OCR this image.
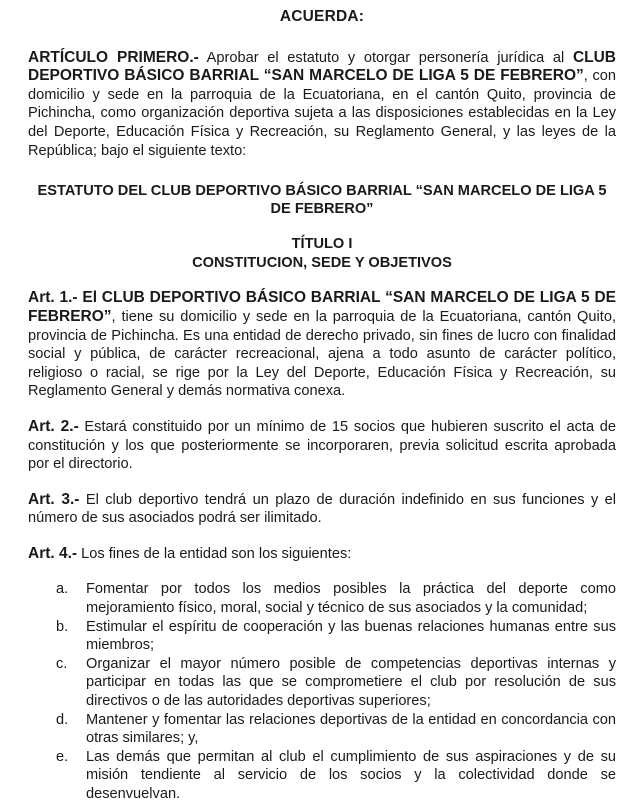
ACUERDA:

ARTÍCULO PRIMERO.- Aprobar el estatuto y otorgar personería jurídica al CLUB DEPORTIVO BÁSICO BARRIAL “SAN MARCELO DE LIGA 5 DE FEBRERO”, con domicilio y sede en la parroquia de la Ecuatoriana, en el cantón Quito, provincia de Pichincha, como organización deportiva sujeta a las disposiciones establecidas en la Ley del Deporte, Educación Física y Recreación, su Reglamento General, y las leyes de la República; bajo el siguiente texto:

ESTATUTO DEL CLUB DEPORTIVO BÁSICO BARRIAL “SAN MARCELO DE LIGA 5 DE FEBRERO”

TÍTULO I

CONSTITUCION, SEDE Y OBJETIVOS

Art. 1.- El CLUB DEPORTIVO BÁSICO BARRIAL “SAN MARCELO DE LIGA 5 DE FEBRERO”, tiene su domicilio y sede en la parroquia de la Ecuatoriana, cantón Quito, provincia de Pichincha. Es una entidad de derecho privado, sin fines de lucro con finalidad social y pública, de carácter recreacional, ajena a todo asunto de carácter político, religioso o racial, se rige por la Ley del Deporte, Educación Física y Recreación, su Reglamento General y demás normativa conexa.

Art. 2.- Estará constituido por un mínimo de 15 socios que hubieren suscrito el acta de constitución y los que posteriormente se incorporaren, previa solicitud escrita aprobada por el directorio.

Art. 3.- El club deportivo tendrá un plazo de duración indefinido en sus funciones y el número de sus asociados podrá ser ilimitado.

Art. 4.- Los fines de la entidad son los siguientes:

a. Fomentar por todos los medios posibles la práctica del deporte como mejoramiento físico, moral, social y técnico de sus asociados y la comunidad;
b. Estimular el espíritu de cooperación y las buenas relaciones humanas entre sus miembros;
c. Organizar el mayor número posible de competencias deportivas internas y participar en todas las que se comprometiere el club por resolución de sus directivos o de las autoridades deportivas superiores;
d. Mantener y fomentar las relaciones deportivas de la entidad en concordancia con otras similares; y,
e. Las demás que permitan al club el cumplimiento de sus aspiraciones y de su misión tendiente al servicio de los socios y la colectividad donde se desenvuelvan.
